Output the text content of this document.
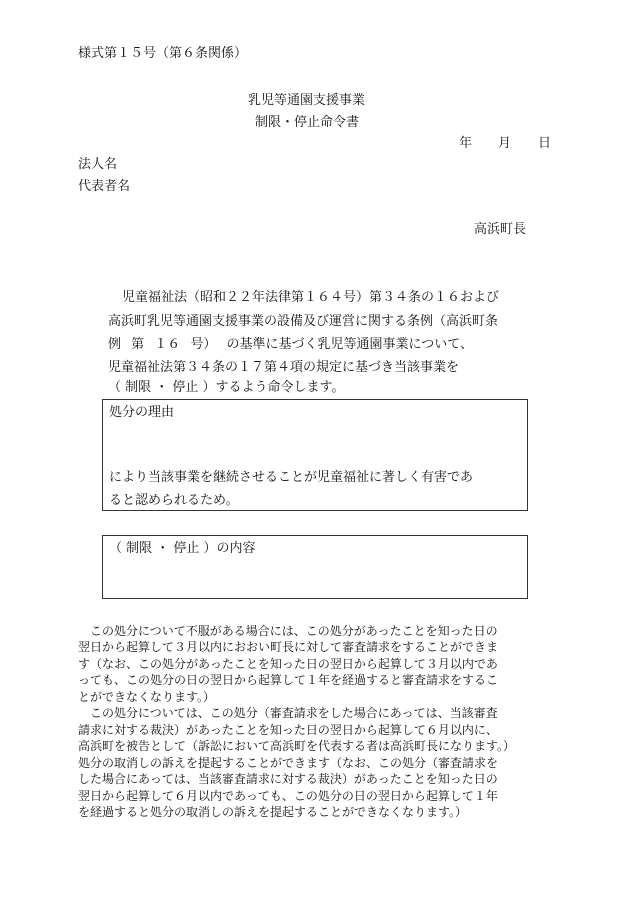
様式第１５号（第６条関係）
乳児等通園支援事業
制限・停止命令書
年 月 日
法人名
代表者名
高浜町長
児童福祉法（昭和２２年法律第１６４号）第３４条の１６および
高浜町乳児等通園支援事業の設備及び運営に関する条例（高浜町条
例 第 １６ 号） の基準に基づく乳児等通園事業について、
児童福祉法第３４条の１７第４項の規定に基づき当該事業を
（ 制限 ・ 停止 ）するよう命令します。
処分の理由
により当該事業を継続させることが児童福祉に著しく有害であ
ると認められるため。
（ 制限 ・ 停止 ）の内容
　この処分について不服がある場合には、この処分があったことを知った日の
翌日から起算して３月以内におおい町長に対して審査請求をすることができま
す（なお、この処分があったことを知った日の翌日から起算して３月以内であ
っても、この処分の日の翌日から起算して１年を経過すると審査請求をするこ
とができなくなります。）
　この処分については、この処分（審査請求をした場合にあっては、当該審査
請求に対する裁決）があったことを知った日の翌日から起算して６月以内に、
高浜町を被告として（訴訟において高浜町を代表する者は高浜町長になります。）
処分の取消しの訴えを提起することができます（なお、この処分（審査請求を
した場合にあっては、当該審査請求に対する裁決）があったことを知った日の
翌日から起算して６月以内であっても、この処分の日の翌日から起算して１年
を経過すると処分の取消しの訴えを提起することができなくなります。）
